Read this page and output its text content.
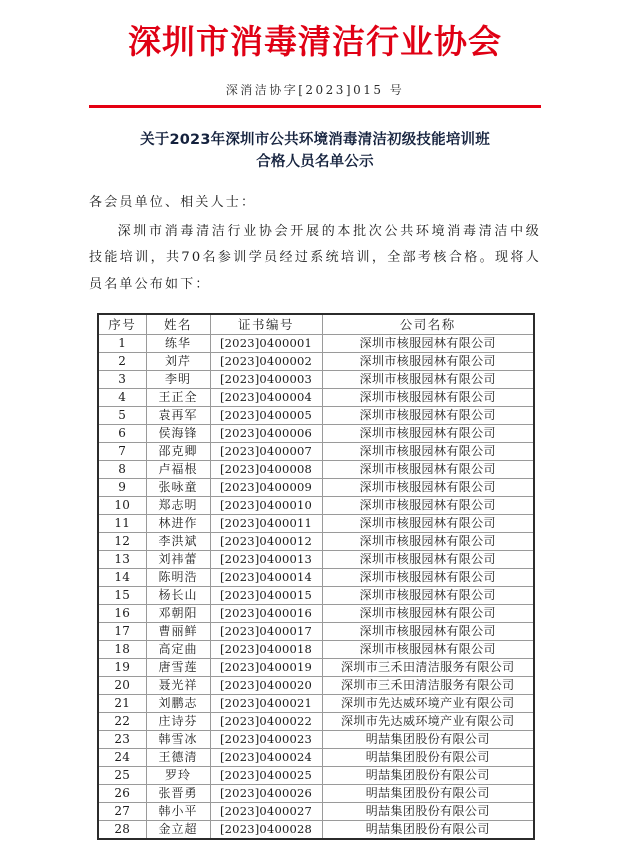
深圳市消毒清洁行业协会
深消洁协字[2023]015 号
关于2023年深圳市公共环境消毒清洁初级技能培训班
合格人员名单公示

各会员单位、相关人士：

深圳市消毒清洁行业协会开展的本批次公共环境消毒清洁中级技能培训，共70名参训学员经过系统培训，全部考核合格。现将人员名单公布如下：

序号	姓名	证书编号	公司名称
1	练华	[2023]0400001	深圳市核服园林有限公司
2	刘芹	[2023]0400002	深圳市核服园林有限公司
3	李明	[2023]0400003	深圳市核服园林有限公司
4	王正全	[2023]0400004	深圳市核服园林有限公司
5	袁再军	[2023]0400005	深圳市核服园林有限公司
6	侯海锋	[2023]0400006	深圳市核服园林有限公司
7	邵克卿	[2023]0400007	深圳市核服园林有限公司
8	卢福根	[2023]0400008	深圳市核服园林有限公司
9	张咏童	[2023]0400009	深圳市核服园林有限公司
10	郑志明	[2023]0400010	深圳市核服园林有限公司
11	林进作	[2023]0400011	深圳市核服园林有限公司
12	李洪斌	[2023]0400012	深圳市核服园林有限公司
13	刘祎蕾	[2023]0400013	深圳市核服园林有限公司
14	陈明浩	[2023]0400014	深圳市核服园林有限公司
15	杨长山	[2023]0400015	深圳市核服园林有限公司
16	邓朝阳	[2023]0400016	深圳市核服园林有限公司
17	曹丽鲜	[2023]0400017	深圳市核服园林有限公司
18	高定曲	[2023]0400018	深圳市核服园林有限公司
19	唐雪莲	[2023]0400019	深圳市三禾田清洁服务有限公司
20	聂光祥	[2023]0400020	深圳市三禾田清洁服务有限公司
21	刘鹏志	[2023]0400021	深圳市先达威环境产业有限公司
22	庄诗芬	[2023]0400022	深圳市先达威环境产业有限公司
23	韩雪冰	[2023]0400023	明喆集团股份有限公司
24	王德清	[2023]0400024	明喆集团股份有限公司
25	罗玲	[2023]0400025	明喆集团股份有限公司
26	张晋勇	[2023]0400026	明喆集团股份有限公司
27	韩小平	[2023]0400027	明喆集团股份有限公司
28	金立超	[2023]0400028	明喆集团股份有限公司
